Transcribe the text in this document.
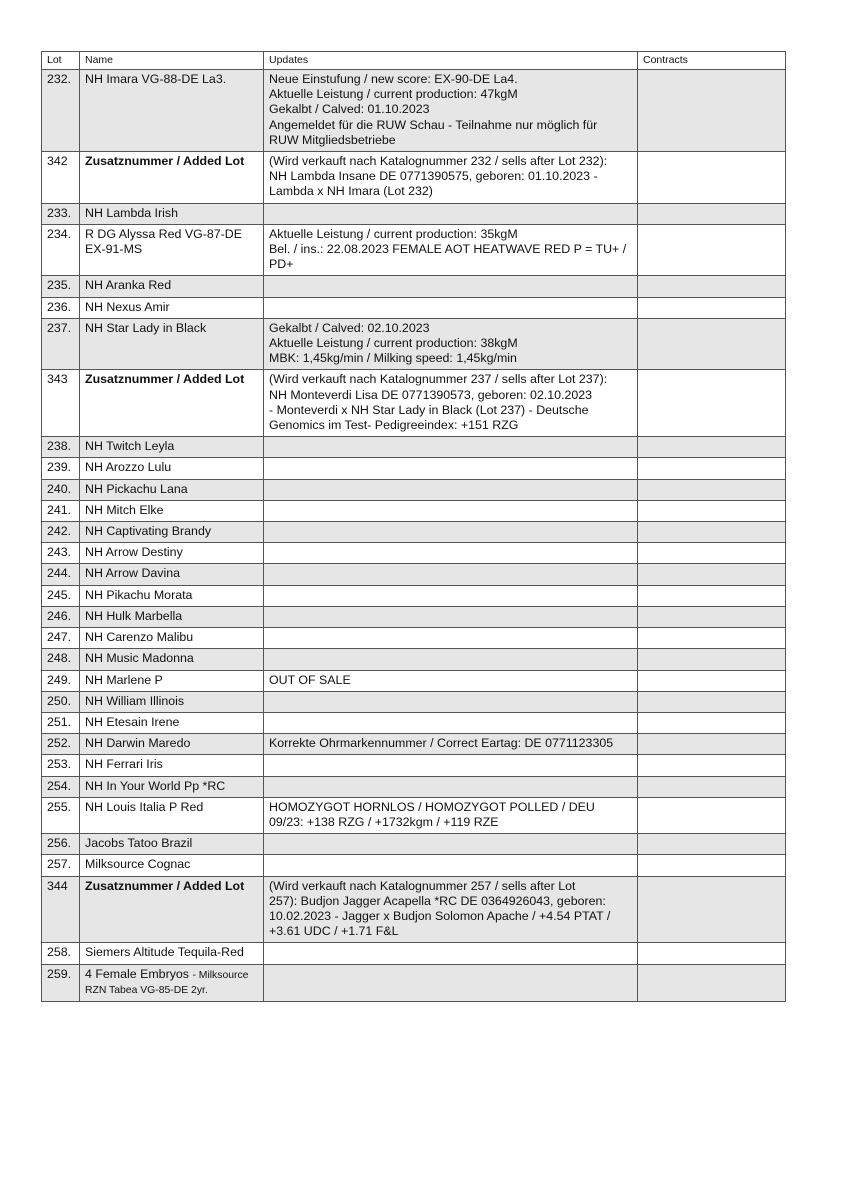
Lot	Name	Updates	Contracts
232.	NH Imara VG-88-DE La3.	Neue Einstufung / new score: EX-90-DE La4.
Aktuelle Leistung / current production: 47kgM
Gekalbt / Calved: 01.10.2023
Angemeldet für die RUW Schau - Teilnahme nur möglich für
RUW Mitgliedsbetriebe	

342	Zusatznummer / Added Lot	(Wird verkauft nach Katalognummer 232 / sells after Lot 232):
NH Lambda Insane DE 0771390575, geboren: 01.10.2023 -
Lambda x NH Imara (Lot 232)	

233.	NH Lambda Irish		
234.	R DG Alyssa Red VG-87-DE EX-91-MS	Aktuelle Leistung / current production: 35kgM
Bel. / ins.: 22.08.2023 FEMALE AOT HEATWAVE RED P = TU+ / PD+	

235.	NH Aranka Red		
236.	NH Nexus Amir		
237.	NH Star Lady in Black	Gekalbt / Calved: 02.10.2023
Aktuelle Leistung / current production: 38kgM
MBK: 1,45kg/min / Milking speed: 1,45kg/min	

343	Zusatznummer / Added Lot	(Wird verkauft nach Katalognummer 237 / sells after Lot 237):
NH Monteverdi Lisa DE 0771390573, geboren: 02.10.2023
- Monteverdi x NH Star Lady in Black (Lot 237) - Deutsche
Genomics im Test- Pedigreeindex: +151 RZG	

238.	NH Twitch Leyla		
239.	NH Arozzo Lulu		
240.	NH Pickachu Lana		
241.	NH Mitch Elke		
242.	NH Captivating Brandy		
243.	NH Arrow Destiny		
244.	NH Arrow Davina		
245.	NH Pikachu Morata		
246.	NH Hulk Marbella		
247.	NH Carenzo Malibu		
248.	NH Music Madonna		
249.	NH Marlene P	OUT OF SALE	

250.	NH William Illinois		
251.	NH Etesain Irene		
252.	NH Darwin Maredo	Korrekte Ohrmarkennummer / Correct Eartag: DE 0771123305	

253.	NH Ferrari Iris		
254.	NH In Your World Pp *RC		
255.	NH Louis Italia P Red	HOMOZYGOT HORNLOS / HOMOZYGOT POLLED / DEU
09/23: +138 RZG / +1732kgm / +119 RZE	

256.	Jacobs Tatoo Brazil		
257.	Milksource Cognac		
344	Zusatznummer / Added Lot	(Wird verkauft nach Katalognummer 257 / sells after Lot
257): Budjon Jagger Acapella *RC DE 0364926043, geboren:
10.02.2023 - Jagger x Budjon Solomon Apache / +4.54 PTAT /
+3.61 UDC / +1.71 F&L	

258.	Siemers Altitude Tequila-Red		
259.	4 Female Embryos - Milksource
RZN Tabea VG-85-DE 2yr.		
